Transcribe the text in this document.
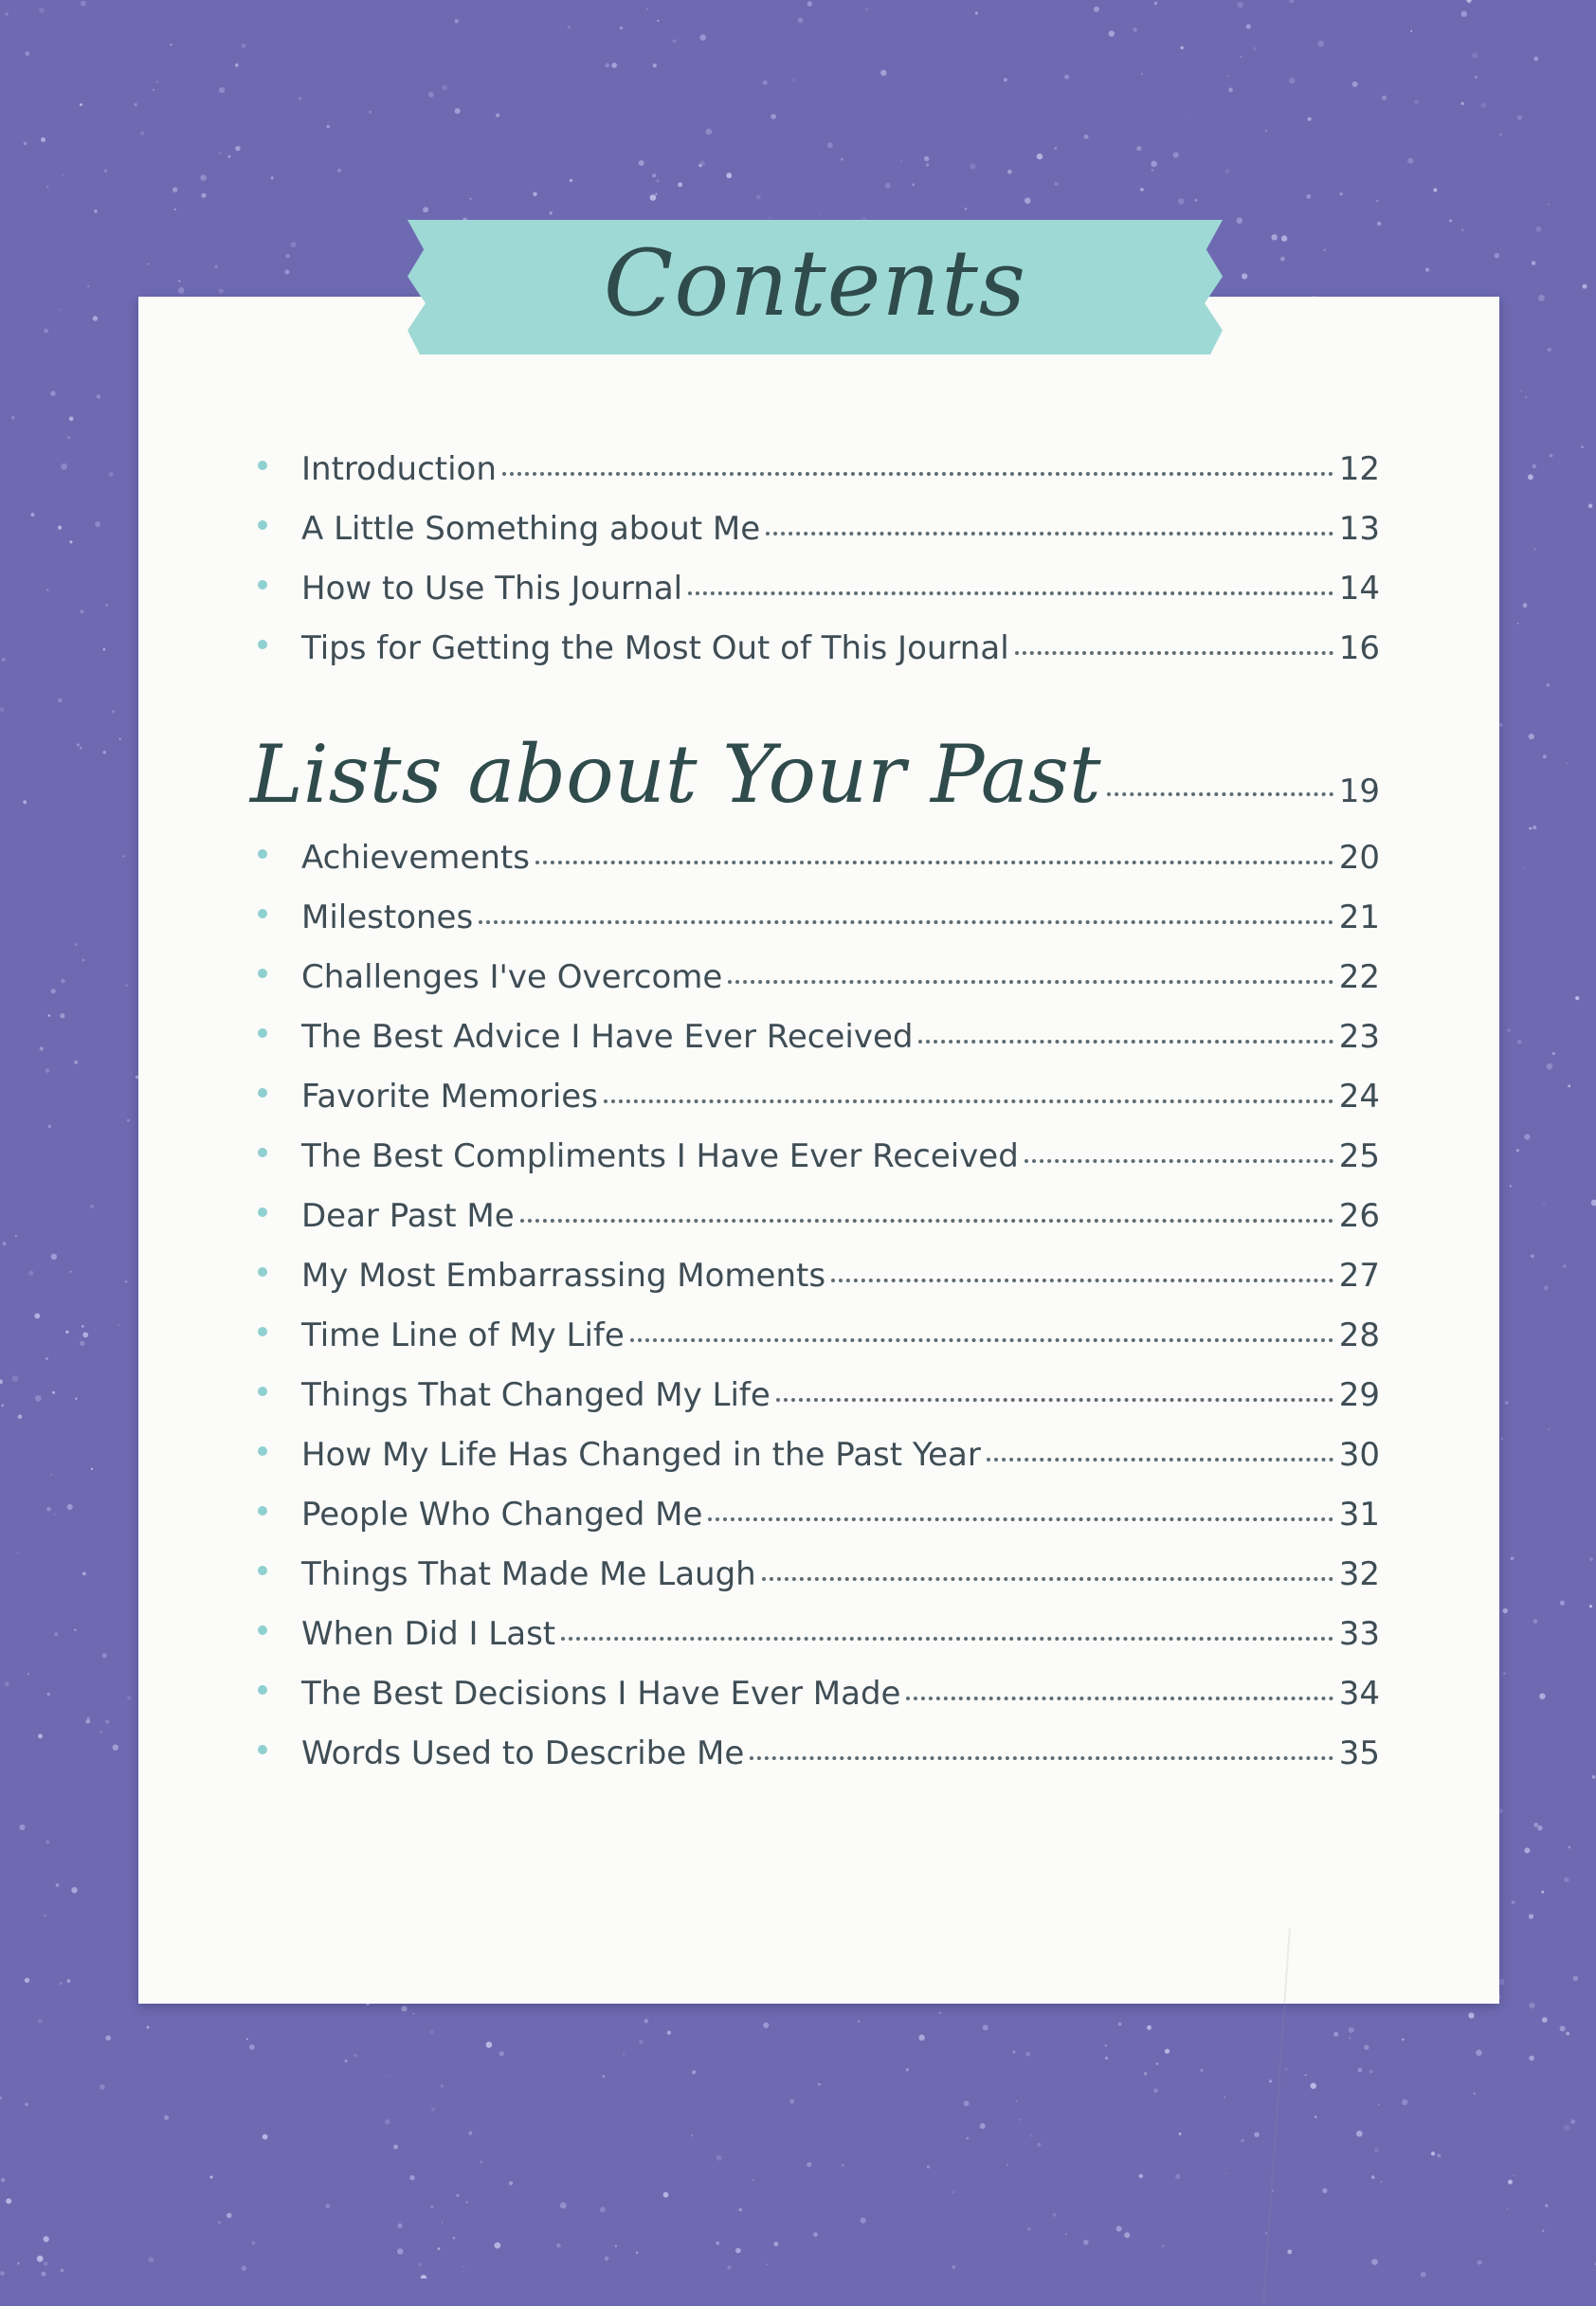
Contents
Introduction	12
A Little Something about Me	13
How to Use This Journal	14
Tips for Getting the Most Out of This Journal	16
Lists about Your Past	19
Achievements	20
Milestones	21
Challenges I've Overcome	22
The Best Advice I Have Ever Received	23
Favorite Memories	24
The Best Compliments I Have Ever Received	25
Dear Past Me	26
My Most Embarrassing Moments	27
Time Line of My Life	28
Things That Changed My Life	29
How My Life Has Changed in the Past Year	30
People Who Changed Me	31
Things That Made Me Laugh	32
When Did I Last	33
The Best Decisions I Have Ever Made	34
Words Used to Describe Me	35
